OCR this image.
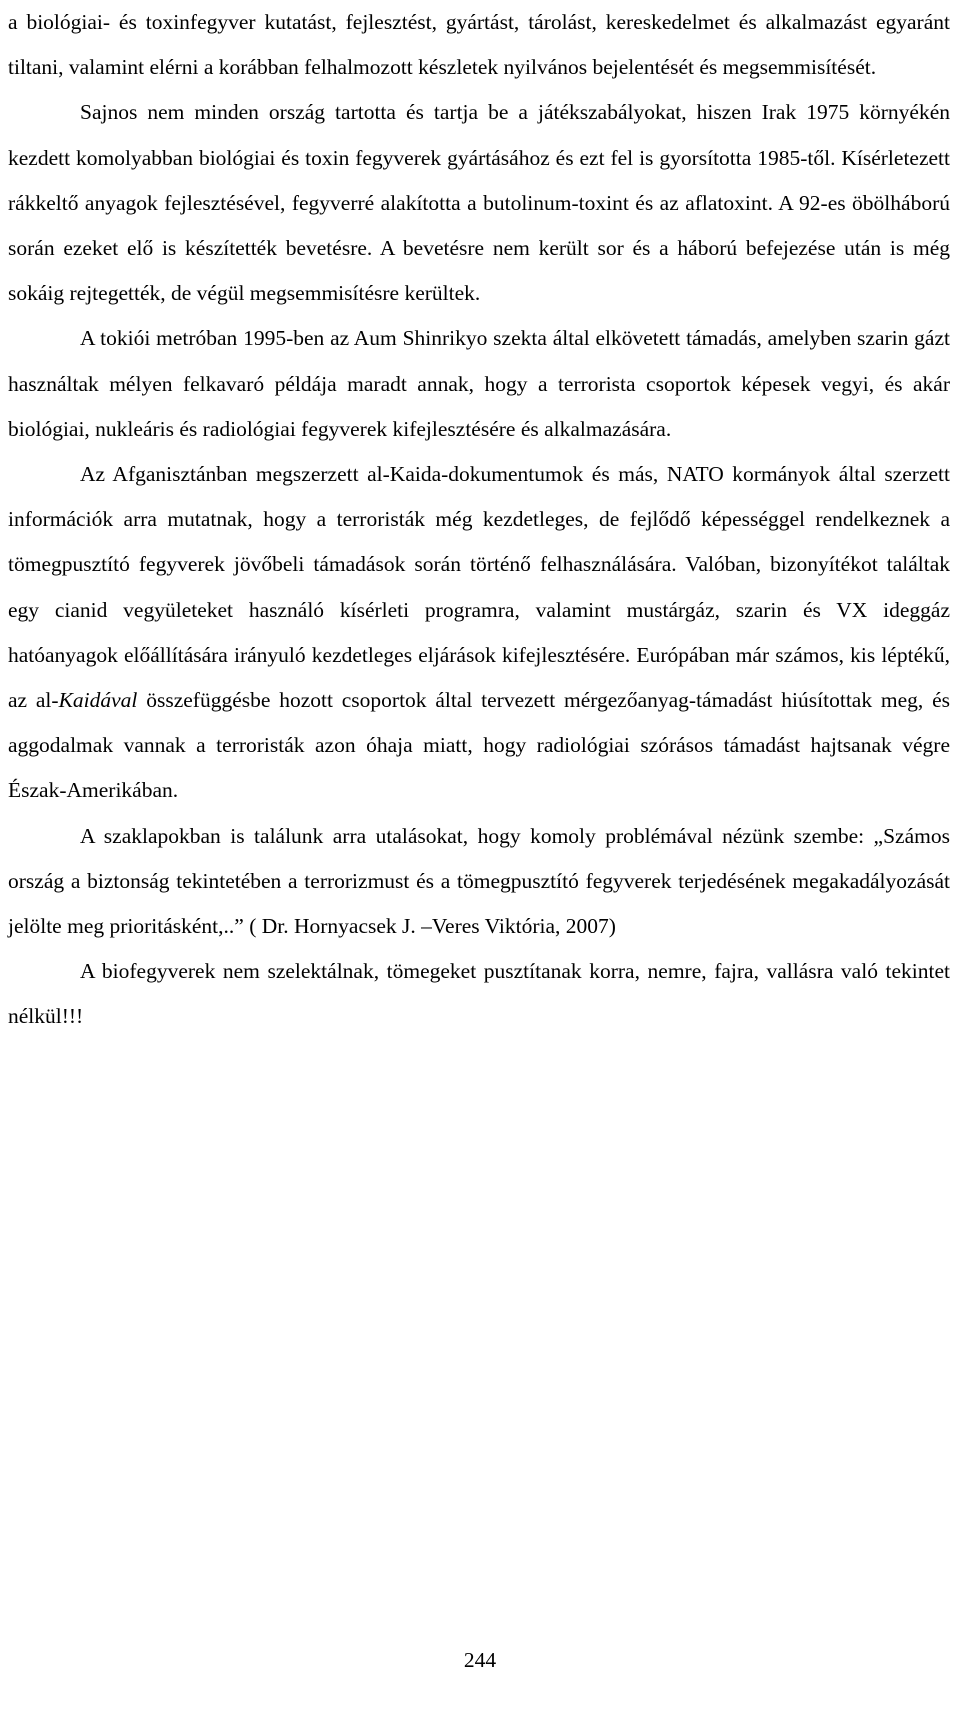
a biológiai- és toxinfegyver kutatást, fejlesztést, gyártást, tárolást, kereskedelmet és alkalmazást egyaránt tiltani, valamint elérni a korábban felhalmozott készletek nyilvános bejelentését és megsemmisítését.

Sajnos nem minden ország tartotta és tartja be a játékszabályokat, hiszen Irak 1975 környékén kezdett komolyabban biológiai és toxin fegyverek gyártásához és ezt fel is gyorsította 1985-től. Kísérletezett rákkeltő anyagok fejlesztésével, fegyverré alakította a butolinum-toxint és az aflatoxint. A 92-es öbölháború során ezeket elő is készítették bevetésre. A bevetésre nem került sor és a háború befejezése után is még sokáig rejtegették, de végül megsemmisítésre kerültek.

A tokiói metróban 1995-ben az Aum Shinrikyo szekta által elkövetett támadás, amelyben szarin gázt használtak mélyen felkavaró példája maradt annak, hogy a terrorista csoportok képesek vegyi, és akár biológiai, nukleáris és radiológiai fegyverek kifejlesztésére és alkalmazására.

Az Afganisztánban megszerzett al-Kaida-dokumentumok és más, NATO kormányok által szerzett információk arra mutatnak, hogy a terroristák még kezdetleges, de fejlődő képességgel rendelkeznek a tömegpusztító fegyverek jövőbeli támadások során történő felhasználására. Valóban, bizonyítékot találtak egy cianid vegyületeket használó kísérleti programra, valamint mustárgáz, szarin és VX ideggáz hatóanyagok előállítására irányuló kezdetleges eljárások kifejlesztésére. Európában már számos, kis léptékű, az al-Kaidával összefüggésbe hozott csoportok által tervezett mérgezőanyag-támadást hiúsítottak meg, és aggodalmak vannak a terroristák azon óhaja miatt, hogy radiológiai szórásos támadást hajtsanak végre Észak-Amerikában.

A szaklapokban is találunk arra utalásokat, hogy komoly problémával nézünk szembe: „Számos ország a biztonság tekintetében a terrorizmust és a tömegpusztító fegyverek terjedésének megakadályozását jelölte meg prioritásként,..” ( Dr. Hornyacsek J. –Veres Viktória, 2007)

A biofegyverek nem szelektálnak, tömegeket pusztítanak korra, nemre, fajra, vallásra való tekintet nélkül!!!

244
